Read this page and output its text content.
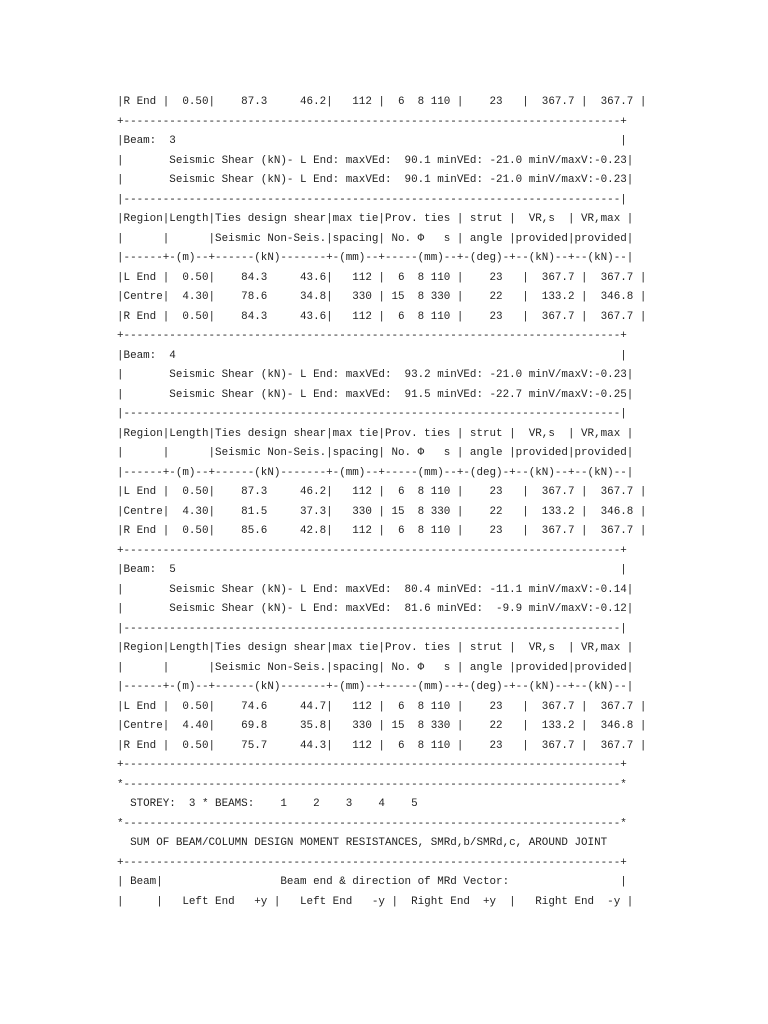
|R End |  0.50|    87.3     46.2|   112 |  6  8 110 |    23   |  367.7 |  367.7 |
+----------------------------------------------------------------------------+
|Beam:  3                                                                    |
|       Seismic Shear (kN)- L End: maxVEd:  90.1 minVEd: -21.0 minV/maxV:-0.23|
|       Seismic Shear (kN)- L End: maxVEd:  90.1 minVEd: -21.0 minV/maxV:-0.23|
|----------------------------------------------------------------------------|
|Region|Length|Ties design shear|max tie|Prov. ties | strut |  VR,s  | VR,max |
|      |      |Seismic Non-Seis.|spacing| No. Φ   s | angle |provided|provided|
|------+-(m)--+------(kN)-------+-(mm)--+-----(mm)--+-(deg)-+--(kN)--+--(kN)--|
|L End |  0.50|    84.3     43.6|   112 |  6  8 110 |    23   |  367.7 |  367.7 |
|Centre|  4.30|    78.6     34.8|   330 | 15  8 330 |    22   |  133.2 |  346.8 |
|R End |  0.50|    84.3     43.6|   112 |  6  8 110 |    23   |  367.7 |  367.7 |
+----------------------------------------------------------------------------+
|Beam:  4                                                                    |
|       Seismic Shear (kN)- L End: maxVEd:  93.2 minVEd: -21.0 minV/maxV:-0.23|
|       Seismic Shear (kN)- L End: maxVEd:  91.5 minVEd: -22.7 minV/maxV:-0.25|
|----------------------------------------------------------------------------|
|Region|Length|Ties design shear|max tie|Prov. ties | strut |  VR,s  | VR,max |
|      |      |Seismic Non-Seis.|spacing| No. Φ   s | angle |provided|provided|
|------+-(m)--+------(kN)-------+-(mm)--+-----(mm)--+-(deg)-+--(kN)--+--(kN)--|
|L End |  0.50|    87.3     46.2|   112 |  6  8 110 |    23   |  367.7 |  367.7 |
|Centre|  4.30|    81.5     37.3|   330 | 15  8 330 |    22   |  133.2 |  346.8 |
|R End |  0.50|    85.6     42.8|   112 |  6  8 110 |    23   |  367.7 |  367.7 |
+----------------------------------------------------------------------------+
|Beam:  5                                                                    |
|       Seismic Shear (kN)- L End: maxVEd:  80.4 minVEd: -11.1 minV/maxV:-0.14|
|       Seismic Shear (kN)- L End: maxVEd:  81.6 minVEd:  -9.9 minV/maxV:-0.12|
|----------------------------------------------------------------------------|
|Region|Length|Ties design shear|max tie|Prov. ties | strut |  VR,s  | VR,max |
|      |      |Seismic Non-Seis.|spacing| No. Φ   s | angle |provided|provided|
|------+-(m)--+------(kN)-------+-(mm)--+-----(mm)--+-(deg)-+--(kN)--+--(kN)--|
|L End |  0.50|    74.6     44.7|   112 |  6  8 110 |    23   |  367.7 |  367.7 |
|Centre|  4.40|    69.8     35.8|   330 | 15  8 330 |    22   |  133.2 |  346.8 |
|R End |  0.50|    75.7     44.3|   112 |  6  8 110 |    23   |  367.7 |  367.7 |
+----------------------------------------------------------------------------+
*----------------------------------------------------------------------------*
STOREY:  3 * BEAMS:    1    2    3    4    5
*----------------------------------------------------------------------------*
SUM OF BEAM/COLUMN DESIGN MOMENT RESISTANCES, SMRd,b/SMRd,c, AROUND JOINT
+----------------------------------------------------------------------------+
| Beam|                  Beam end & direction of MRd Vector:                 |
|     |   Left End   +y |   Left End   -y |  Right End  +y  |   Right End  -y |
